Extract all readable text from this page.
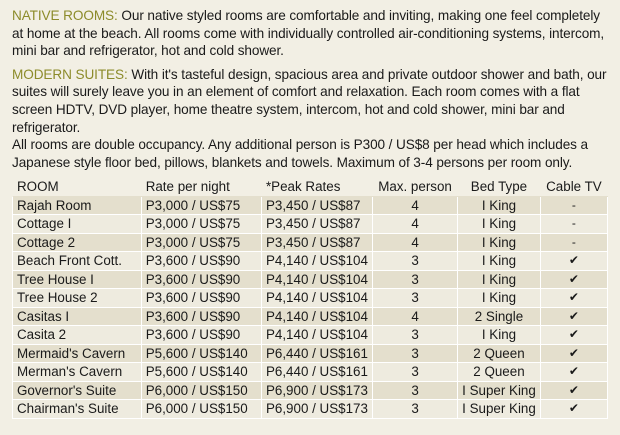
NATIVE ROOMS: Our native styled rooms are comfortable and inviting, making one feel completely at home at the beach. All rooms come with individually controlled air-conditioning systems, intercom, mini bar and refrigerator, hot and cold shower.

MODERN SUITES: With it's tasteful design, spacious area and private outdoor shower and bath, our suites will surely leave you in an element of comfort and relaxation. Each room comes with a flat screen HDTV, DVD player, home theatre system, intercom, hot and cold shower, mini bar and refrigerator.

All rooms are double occupancy. Any additional person is P300 / US$8 per head which includes a Japanese style floor bed, pillows, blankets and towels. Maximum of 3-4 persons per room only.

ROOM	Rate per night	*Peak Rates	Max. person	Bed Type	Cable TV
Rajah Room	P3,000 / US$75	P3,450 / US$87	4	I King	-
Cottage I	P3,000 / US$75	P3,450 / US$87	4	I King	-
Cottage 2	P3,000 / US$75	P3,450 / US$87	4	I King	-
Beach Front Cott.	P3,600 / US$90	P4,140 / US$104	3	I King	✔
Tree House I	P3,600 / US$90	P4,140 / US$104	3	I King	✔
Tree House 2	P3,600 / US$90	P4,140 / US$104	3	I King	✔
Casitas I	P3,600 / US$90	P4,140 / US$104	4	2 Single	✔
Casita 2	P3,600 / US$90	P4,140 / US$104	3	I King	✔
Mermaid's Cavern	P5,600 / US$140	P6,440 / US$161	3	2 Queen	✔
Merman's Cavern	P5,600 / US$140	P6,440 / US$161	3	2 Queen	✔
Governor's Suite	P6,000 / US$150	P6,900 / US$173	3	I Super King	✔
Chairman's Suite	P6,000 / US$150	P6,900 / US$173	3	I Super King	✔
